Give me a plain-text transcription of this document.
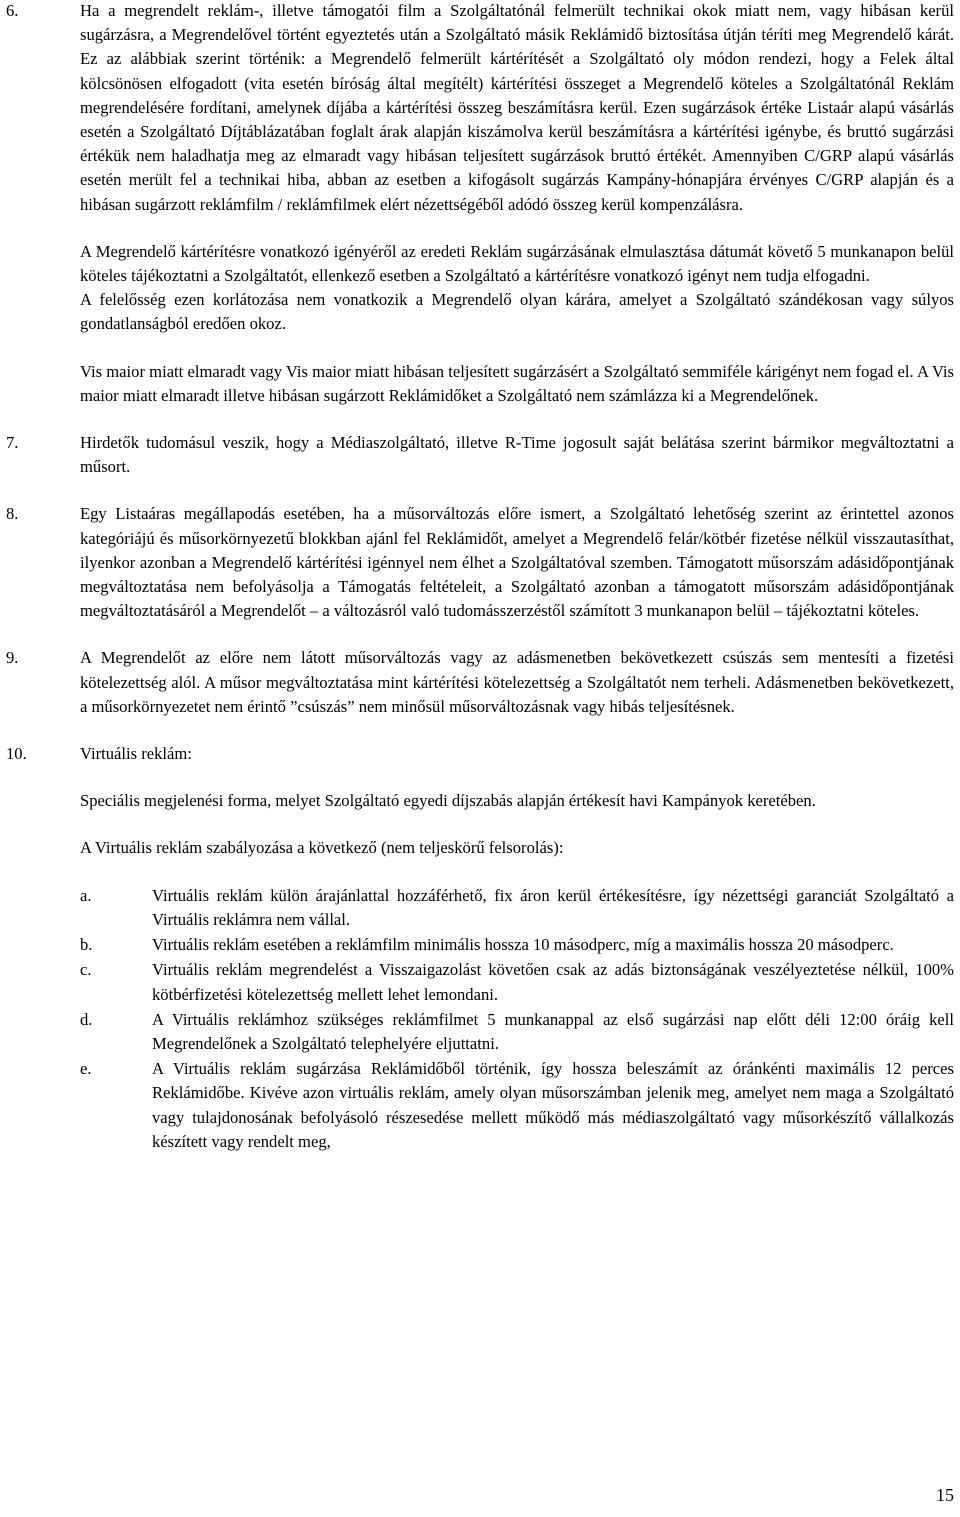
6.	Ha a megrendelt reklám-, illetve támogatói film a Szolgáltatónál felmerült technikai okok miatt nem, vagy hibásan kerül sugárzásra, a Megrendelővel történt egyeztetés után a Szolgáltató másik Reklámidő biztosítása útján téríti meg Megrendelő kárát. Ez az alábbiak szerint történik: a Megrendelő felmerült kártérítését a Szolgáltató oly módon rendezi, hogy a Felek által kölcsönösen elfogadott (vita esetén bíróság által megítélt) kártérítési összeget a Megrendelő köteles a Szolgáltatónál Reklám megrendelésére fordítani, amelynek díjába a kártérítési összeg beszámításra kerül. Ezen sugárzások értéke Listaár alapú vásárlás esetén a Szolgáltató Díjtáblázatában foglalt árak alapján kiszámolva kerül beszámításra a kártérítési igénybe, és bruttó sugárzási értékük nem haladhatja meg az elmaradt vagy hibásan teljesített sugárzások bruttó értékét. Amennyiben C/GRP alapú vásárlás esetén merült fel a technikai hiba, abban az esetben a kifogásolt sugárzás Kampány-hónapjára érvényes C/GRP alapján és a hibásan sugárzott reklámfilm / reklámfilmek elért nézettségéből adódó összeg kerül kompenzálásra.

A Megrendelő kártérítésre vonatkozó igényéről az eredeti Reklám sugárzásának elmulasztása dátumát követő 5 munkanapon belül köteles tájékoztatni a Szolgáltatót, ellenkező esetben a Szolgáltató a kártérítésre vonatkozó igényt nem tudja elfogadni.

A felelősség ezen korlátozása nem vonatkozik a Megrendelő olyan kárára, amelyet a Szolgáltató szándékosan vagy súlyos gondatlanságból eredően okoz.

Vis maior miatt elmaradt vagy Vis maior miatt hibásan teljesített sugárzásért a Szolgáltató semmiféle kárigényt nem fogad el. A Vis maior miatt elmaradt illetve hibásan sugárzott Reklámidőket a Szolgáltató nem számlázza ki a Megrendelőnek.

7.	Hirdetők tudomásul veszik, hogy a Médiaszolgáltató, illetve R-Time jogosult saját belátása szerint bármikor megváltoztatni a műsort.
8.	Egy Listaáras megállapodás esetében, ha a műsorváltozás előre ismert, a Szolgáltató lehetőség szerint az érintettel azonos kategóriájú és műsorkörnyezetű blokkban ajánl fel Reklámidőt, amelyet a Megrendelő felár/kötbér fizetése nélkül visszautasíthat, ilyenkor azonban a Megrendelő kártérítési igénnyel nem élhet a Szolgáltatóval szemben. Támogatott műsorszám adásidőpontjának megváltoztatása nem befolyásolja a Támogatás feltételeit, a Szolgáltató azonban a támogatott műsorszám adásidőpontjának megváltoztatásáról a Megrendelőt – a változásról való tudomásszerzéstől számított 3 munkanapon belül – tájékoztatni köteles.
9.	A Megrendelőt az előre nem látott műsorváltozás vagy az adásmenetben bekövetkezett csúszás sem mentesíti a fizetési kötelezettség alól. A műsor megváltoztatása mint kártérítési kötelezettség a Szolgáltatót nem terheli. Adásmenetben bekövetkezett, a műsorkörnyezetet nem érintő ”csúszás” nem minősül műsorváltozásnak vagy hibás teljesítésnek.
10.	Virtuális reklám:
Speciális megjelenési forma, melyet Szolgáltató egyedi díjszabás alapján értékesít havi Kampányok keretében.
A Virtuális reklám szabályozása a következő (nem teljeskörű felsorolás):
a.	Virtuális reklám külön árajánlattal hozzáférhető, fix áron kerül értékesítésre, így nézettségi garanciát Szolgáltató a Virtuális reklámra nem vállal.
b.	Virtuális reklám esetében a reklámfilm minimális hossza 10 másodperc, míg a maximális hossza 20 másodperc.
c.	Virtuális reklám megrendelést a Visszaigazolást követően csak az adás biztonságának veszélyeztetése nélkül, 100% kötbérfizetési kötelezettség mellett lehet lemondani.
d.	A Virtuális reklámhoz szükséges reklámfilmet 5 munkanappal az első sugárzási nap előtt déli 12:00 óráig kell Megrendelőnek a Szolgáltató telephelyére eljuttatni.
e.	A Virtuális reklám sugárzása Reklámidőből történik, így hossza beleszámít az óránkénti maximális 12 perces Reklámidőbe. Kivéve azon virtuális reklám, amely olyan műsorszámban jelenik meg, amelyet nem maga a Szolgáltató vagy tulajdonosának befolyásoló részesedése mellett működő más médiaszolgáltató vagy műsorkészítő vállalkozás készített vagy rendelt meg,
15
